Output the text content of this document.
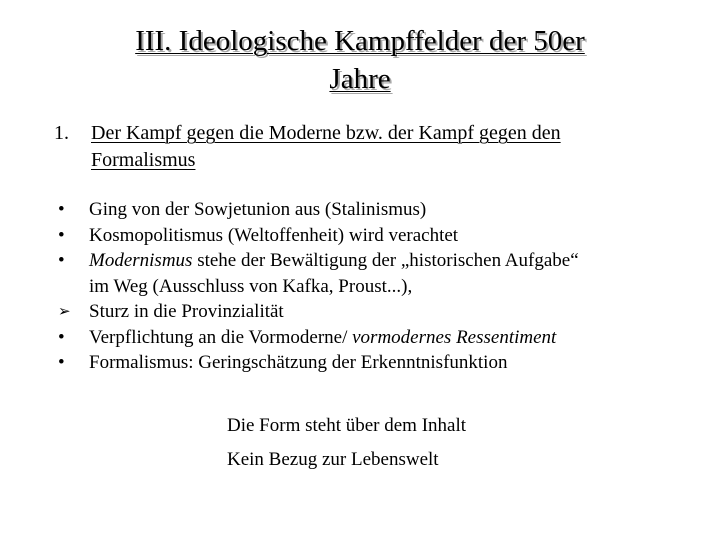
III. Ideologische Kampffelder der 50er
Jahre
1. Der Kampf gegen die Moderne bzw. der Kampf gegen den
Formalismus
•	Ging von der Sowjetunion aus (Stalinismus)
•	Kosmopolitismus (Weltoffenheit) wird verachtet
•	Modernismus stehe der Bewältigung der „historischen Aufgabe“
im Weg (Ausschluss von Kafka, Proust...),
➢ Sturz in die Provinzialität
•	Verpflichtung an die Vormoderne/ vormodernes Ressentiment
•	Formalismus: Geringschätzung der Erkenntnisfunktion
Die Form steht über dem Inhalt
Kein Bezug zur Lebenswelt
